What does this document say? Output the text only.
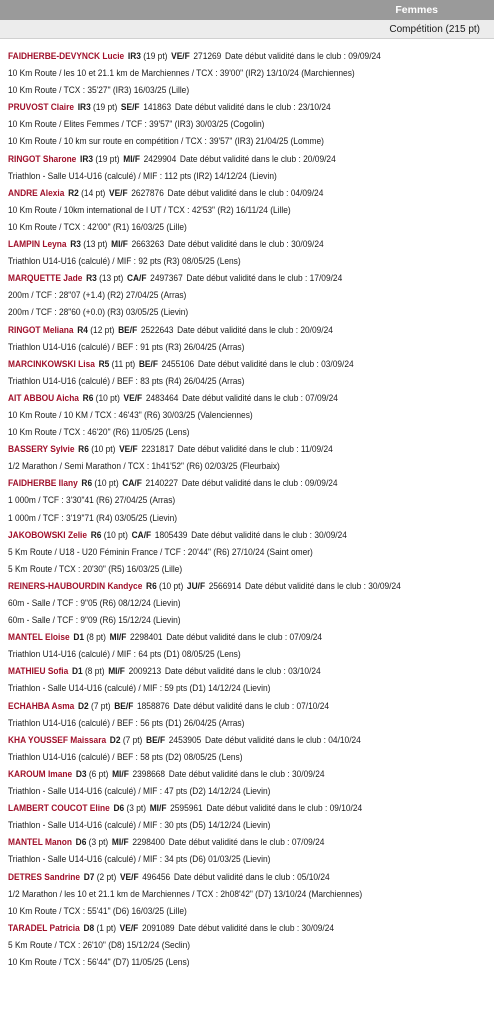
Femmes
Compétition (215 pt)
FAIDHERBE-DEVYNCK Lucie IR3 (19 pt) VE/F 271269 Date début validité dans le club : 09/09/24
10 Km Route / les 10 et 21.1 km de Marchiennes / TCX : 39'00" (IR2) 13/10/24 (Marchiennes)
10 Km Route / TCX : 35'27" (IR3) 16/03/25 (Lille)
PRUVOST Claire IR3 (19 pt) SE/F 141863 Date début validité dans le club : 23/10/24
10 Km Route / Elites Femmes / TCF : 39'57" (IR3) 30/03/25 (Cogolin)
10 Km Route / 10 km sur route en compétition / TCX : 39'57" (IR3) 21/04/25 (Lomme)
RINGOT Sharone IR3 (19 pt) MI/F 2429904 Date début validité dans le club : 20/09/24
Triathlon - Salle U14-U16 (calculé) / MIF : 112 pts (IR2) 14/12/24 (Lievin)
ANDRE Alexia R2 (14 pt) VE/F 2627876 Date début validité dans le club : 04/09/24
10 Km Route / 10km international de l UT / TCX : 42'53" (R2) 16/11/24 (Lille)
10 Km Route / TCX : 42'00" (R1) 16/03/25 (Lille)
LAMPIN Leyna R3 (13 pt) MI/F 2663263 Date début validité dans le club : 30/09/24
Triathlon U14-U16 (calculé) / MIF : 92 pts (R3) 08/05/25 (Lens)
MARQUETTE Jade R3 (13 pt) CA/F 2497367 Date début validité dans le club : 17/09/24
200m / TCF : 28"07 (+1.4) (R2) 27/04/25 (Arras)
200m / TCF : 28"60 (+0.0) (R3) 03/05/25 (Lievin)
RINGOT Meliana R4 (12 pt) BE/F 2522643 Date début validité dans le club : 20/09/24
Triathlon U14-U16 (calculé) / BEF : 91 pts (R3) 26/04/25 (Arras)
MARCINKOWSKI Lisa R5 (11 pt) BE/F 2455106 Date début validité dans le club : 03/09/24
Triathlon U14-U16 (calculé) / BEF : 83 pts (R4) 26/04/25 (Arras)
AIT ABBOU Aicha R6 (10 pt) VE/F 2483464 Date début validité dans le club : 07/09/24
10 Km Route / 10 KM / TCX : 46'43" (R6) 30/03/25 (Valenciennes)
10 Km Route / TCX : 46'20" (R6) 11/05/25 (Lens)
BASSERY Sylvie R6 (10 pt) VE/F 2231817 Date début validité dans le club : 11/09/24
1/2 Marathon / Semi Marathon / TCX : 1h41'52" (R6) 02/03/25 (Fleurbaix)
FAIDHERBE Ilany R6 (10 pt) CA/F 2140227 Date début validité dans le club : 09/09/24
1 000m / TCF : 3'30"41 (R6) 27/04/25 (Arras)
1 000m / TCF : 3'19"71 (R4) 03/05/25 (Lievin)
JAKOBOWSKI Zelie R6 (10 pt) CA/F 1805439 Date début validité dans le club : 30/09/24
5 Km Route / U18 - U20 Féminin France / TCF : 20'44" (R6) 27/10/24 (Saint omer)
5 Km Route / TCX : 20'30" (R5) 16/03/25 (Lille)
REINERS-HAUBOURDIN Kandyce R6 (10 pt) JU/F 2566914 Date début validité dans le club : 30/09/24
60m - Salle / TCF : 9"05 (R6) 08/12/24 (Lievin)
60m - Salle / TCF : 9"09 (R6) 15/12/24 (Lievin)
MANTEL Eloise D1 (8 pt) MI/F 2298401 Date début validité dans le club : 07/09/24
Triathlon U14-U16 (calculé) / MIF : 64 pts (D1) 08/05/25 (Lens)
MATHIEU Sofia D1 (8 pt) MI/F 2009213 Date début validité dans le club : 03/10/24
Triathlon - Salle U14-U16 (calculé) / MIF : 59 pts (D1) 14/12/24 (Lievin)
ECHAHBA Asma D2 (7 pt) BE/F 1858876 Date début validité dans le club : 07/10/24
Triathlon U14-U16 (calculé) / BEF : 56 pts (D1) 26/04/25 (Arras)
KHA YOUSSEF Maissara D2 (7 pt) BE/F 2453905 Date début validité dans le club : 04/10/24
Triathlon U14-U16 (calculé) / BEF : 58 pts (D2) 08/05/25 (Lens)
KAROUM Imane D3 (6 pt) MI/F 2398668 Date début validité dans le club : 30/09/24
Triathlon - Salle U14-U16 (calculé) / MIF : 47 pts (D2) 14/12/24 (Lievin)
LAMBERT COUCOT Eline D6 (3 pt) MI/F 2595961 Date début validité dans le club : 09/10/24
Triathlon - Salle U14-U16 (calculé) / MIF : 30 pts (D5) 14/12/24 (Lievin)
MANTEL Manon D6 (3 pt) MI/F 2298400 Date début validité dans le club : 07/09/24
Triathlon - Salle U14-U16 (calculé) / MIF : 34 pts (D6) 01/03/25 (Lievin)
DETRES Sandrine D7 (2 pt) VE/F 496456 Date début validité dans le club : 05/10/24
1/2 Marathon / les 10 et 21.1 km de Marchiennes / TCX : 2h08'42" (D7) 13/10/24 (Marchiennes)
10 Km Route / TCX : 55'41" (D6) 16/03/25 (Lille)
TARADEL Patricia D8 (1 pt) VE/F 2091089 Date début validité dans le club : 30/09/24
5 Km Route / TCX : 26'10" (D8) 15/12/24 (Seclin)
10 Km Route / TCX : 56'44" (D7) 11/05/25 (Lens)
